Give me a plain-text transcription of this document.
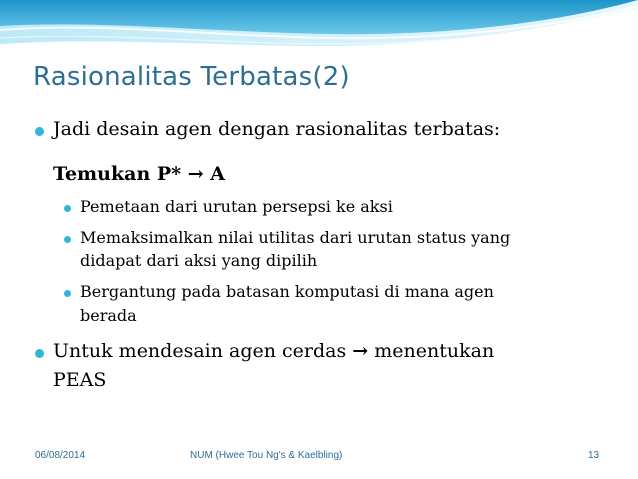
Rasionalitas Terbatas(2)
Jadi desain agen dengan rasionalitas terbatas:
Temukan P* → A
Pemetaan dari urutan persepsi ke aksi
Memaksimalkan nilai utilitas dari urutan status yang
didapat dari aksi yang dipilih
Bergantung pada batasan komputasi di mana agen
berada
Untuk mendesain agen cerdas → menentukan
PEAS
06/08/2014	NUM (Hwee Tou Ng's & Kaelbling)	13
